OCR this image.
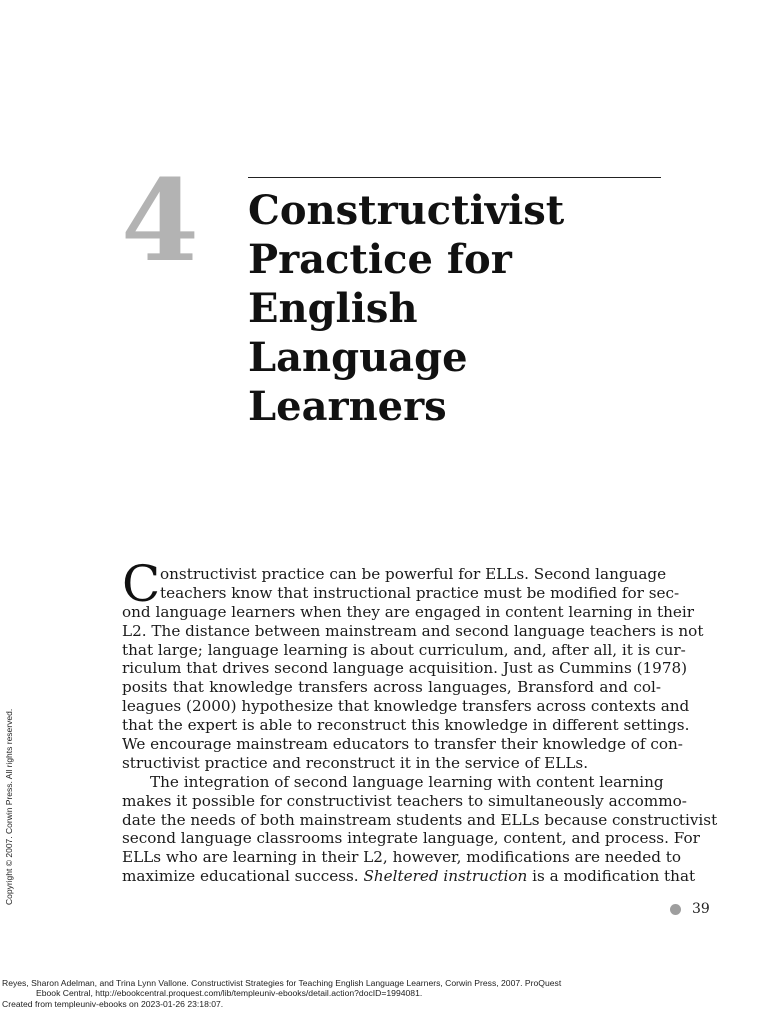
4 Constructivist
Practice for
English
Language
Learners
C onstructivist practice can be powerful for ELLs. Second language
teachers know that instructional practice must be modified for sec-
ond language learners when they are engaged in content learning in their
L2. The distance between mainstream and second language teachers is not
that large; language learning is about curriculum, and, after all, it is cur-
riculum that drives second language acquisition. Just as Cummins (1978)
posits that knowledge transfers across languages, Bransford and col-
leagues (2000) hypothesize that knowledge transfers across contexts and
that the expert is able to reconstruct this knowledge in different settings.
We encourage mainstream educators to transfer their knowledge of con-
structivist practice and reconstruct it in the service of ELLs.
The integration of second language learning with content learning
makes it possible for constructivist teachers to simultaneously accommo-
date the needs of both mainstream students and ELLs because constructivist
second language classrooms integrate language, content, and process. For
ELLs who are learning in their L2, however, modifications are needed to
maximize educational success. Sheltered instruction is a modification that
Copyright © 2007. Corwin Press. All rights reserved.
39
Reyes, Sharon Adelman, and Trina Lynn Vallone. Constructivist Strategies for Teaching English Language Learners, Corwin Press, 2007. ProQuest
Ebook Central, http://ebookcentral.proquest.com/lib/templeuniv-ebooks/detail.action?docID=1994081.
Created from templeuniv-ebooks on 2023-01-26 23:18:07.
